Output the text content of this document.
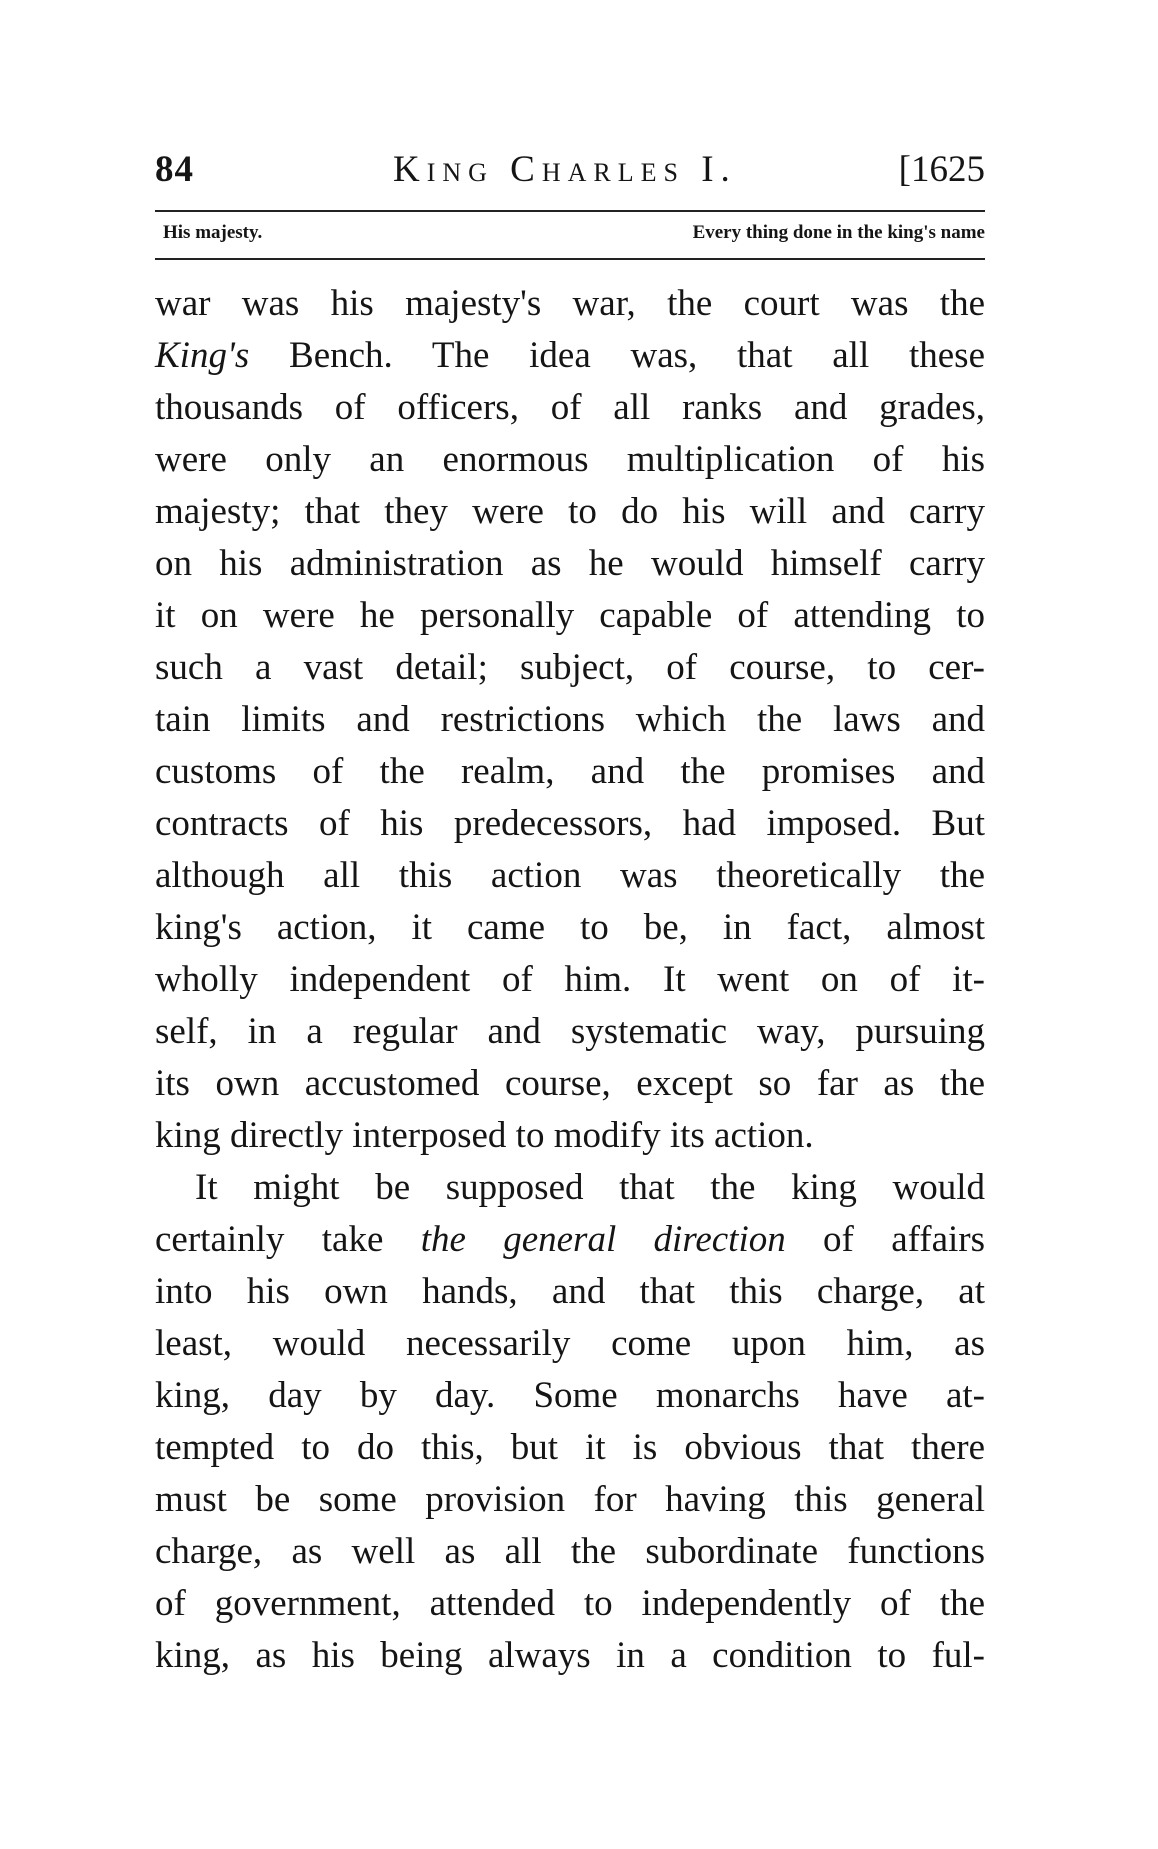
84	King Charles I.	[1625
His majesty.	Every thing done in the king's name
war was his majesty's war, the court was the
King's Bench. The idea was, that all these
thousands of officers, of all ranks and grades,
were only an enormous multiplication of his
majesty; that they were to do his will and carry
on his administration as he would himself carry
it on were he personally capable of attending to
such a vast detail; subject, of course, to cer-
tain limits and restrictions which the laws and
customs of the realm, and the promises and
contracts of his predecessors, had imposed. But
although all this action was theoretically the
king's action, it came to be, in fact, almost
wholly independent of him. It went on of it-
self, in a regular and systematic way, pursuing
its own accustomed course, except so far as the
king directly interposed to modify its action.
It might be supposed that the king would
certainly take the general direction of affairs
into his own hands, and that this charge, at
least, would necessarily come upon him, as
king, day by day. Some monarchs have at-
tempted to do this, but it is obvious that there
must be some provision for having this general
charge, as well as all the subordinate functions
of government, attended to independently of the
king, as his being always in a condition to ful-
